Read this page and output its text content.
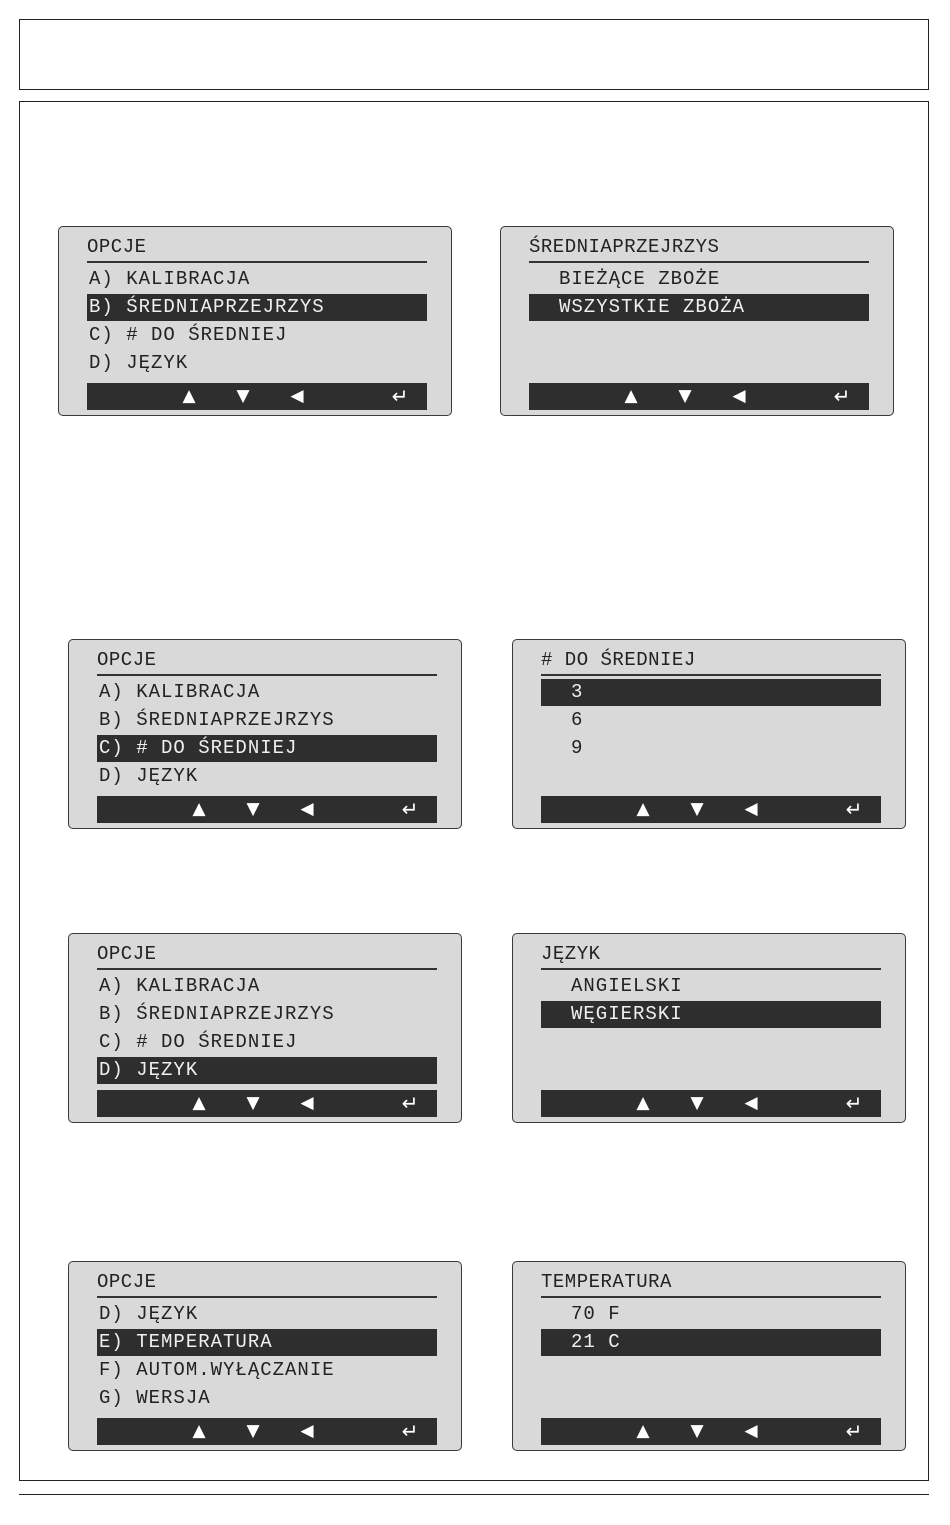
OPCJE
A) KALIBRACJA
B) ŚREDNIAPRZEJRZYS
C) # DO ŚREDNIEJ
D) JĘZYK
▲	▼	◀	↵
ŚREDNIAPRZEJRZYS
BIEŻĄCE ZBOŻE
WSZYSTKIE ZBOŻA
▲	▼	◀	↵
OPCJE
A) KALIBRACJA
B) ŚREDNIAPRZEJRZYS
C) # DO ŚREDNIEJ
D) JĘZYK
▲	▼	◀	↵
# DO ŚREDNIEJ
3
6
9
▲	▼	◀	↵
OPCJE
A) KALIBRACJA
B) ŚREDNIAPRZEJRZYS
C) # DO ŚREDNIEJ
D) JĘZYK
▲	▼	◀	↵
JĘZYK
ANGIELSKI
WĘGIERSKI
▲	▼	◀	↵
OPCJE
D) JĘZYK
E) TEMPERATURA
F) AUTOM.WYŁĄCZANIE
G) WERSJA
▲	▼	◀	↵
TEMPERATURA
70 F
21 C
▲	▼	◀	↵
